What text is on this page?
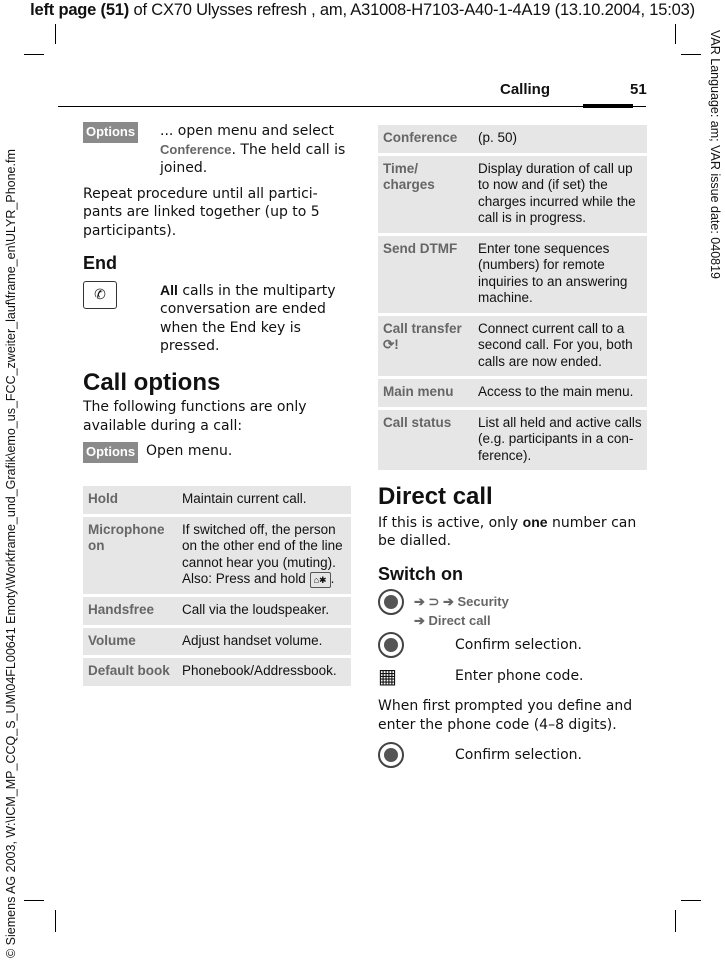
left page (51) of CX70 Ulysses refresh , am, A31008-H7103-A40-1-4A19 (13.10.2004, 15:03)
© Siemens AG 2003, W:\ICM_MP_CCQ_S_UM\04FL00641 Emoty\Workframe_und_Grafik\emo_us_FCC_zweiter_lauf\frame_en\ULYR_Phone.fm	VAR Language: am; VAR issue date: 040819
Calling	51
Options	... open menu and select Conference. The held call is joined.
Repeat procedure until all partici-pants are linked together (up to 5 participants).
End
✆	All calls in the multiparty conversation are ended when the End key is pressed.
Call options
The following functions are only available during a call:
Options Open menu.
Hold	Maintain current call.
Microphone on	If switched off, the person on the other end of the line cannot hear you (muting). Also: Press and hold ⌂✱ .
Handsfree	Call via the loudspeaker.
Volume	Adjust handset volume.
Default book	Phonebook/Addressbook.
Conference	(p. 50)
Time/ charges	Display duration of call up to now and (if set) the charges incurred while the call is in progress.
Send DTMF	Enter tone sequences (numbers) for remote inquiries to an answering machine.
Call transfer ⟳!	Connect current call to a second call. For you, both calls are now ended.
Main menu	Access to the main menu.
Call status	List all held and active calls (e.g. participants in a con-ference).
Direct call
If this is active, only one number can be dialled.
Switch on
➔ ⊃ ➔ Security
➔ Direct call
Confirm selection.
▦	Enter phone code.
When first prompted you define and enter the phone code (4–8 digits).
Confirm selection.
